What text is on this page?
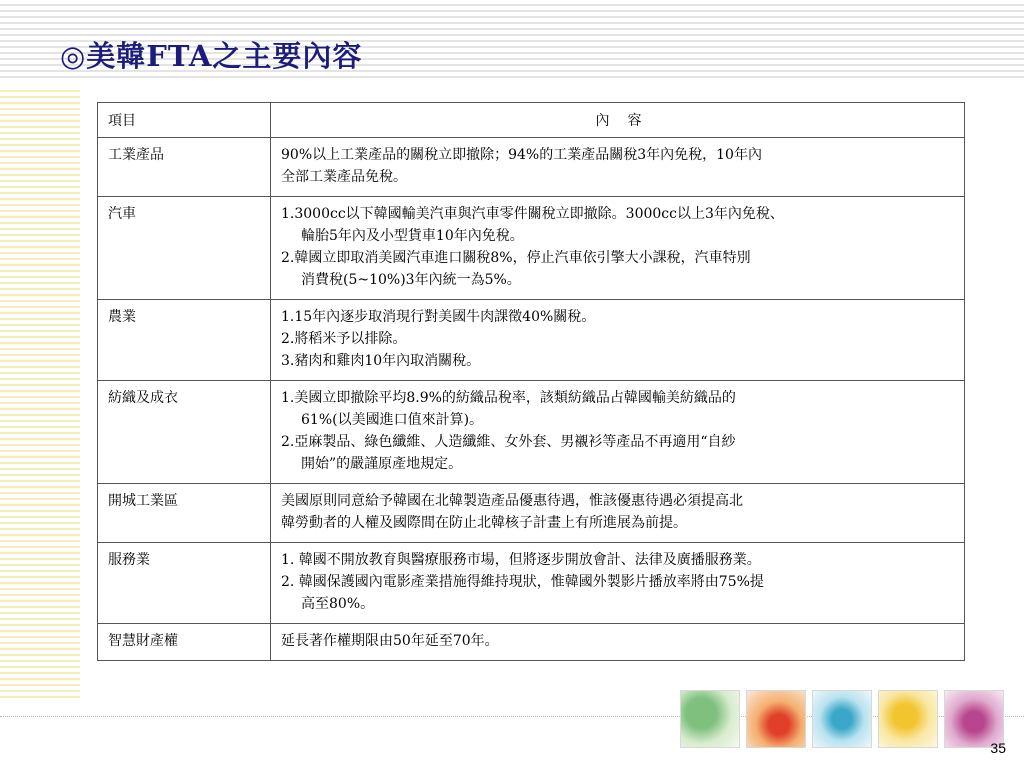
◎美韓FTA之主要內容
項目	內容
工業產品	90%以上工業產品的關稅立即撤除；94%的工業產品關稅3年內免稅，10年內
全部工業產品免稅。

汽車	1.3000cc以下韓國輸美汽車與汽車零件關稅立即撤除。3000cc以上3年內免稅、
輪胎5年內及小型貨車10年內免稅。
2.韓國立即取消美國汽車進口關稅8%，停止汽車依引擎大小課稅，汽車特別
消費稅(5~10%)3年內統一為5%。

農業	1.15年內逐步取消現行對美國牛肉課徵40%關稅。
2.將稻米予以排除。
3.豬肉和雞肉10年內取消關稅。

紡織及成衣	1.美國立即撤除平均8.9%的紡織品稅率，該類紡織品占韓國輸美紡織品的
61%(以美國進口值來計算)。
2.亞麻製品、綠色纖維、人造纖維、女外套、男襯衫等產品不再適用“自紗
開始”的嚴謹原產地規定。

開城工業區	美國原則同意給予韓國在北韓製造產品優惠待遇，惟該優惠待遇必須提高北
韓勞動者的人權及國際間在防止北韓核子計畫上有所進展為前提。

服務業	1. 韓國不開放教育與醫療服務市場，但將逐步開放會計、法律及廣播服務業。
2. 韓國保護國內電影產業措施得維持現狀，惟韓國外製影片播放率將由75%提
高至80%。

智慧財產權	延長著作權期限由50年延至70年。
35
